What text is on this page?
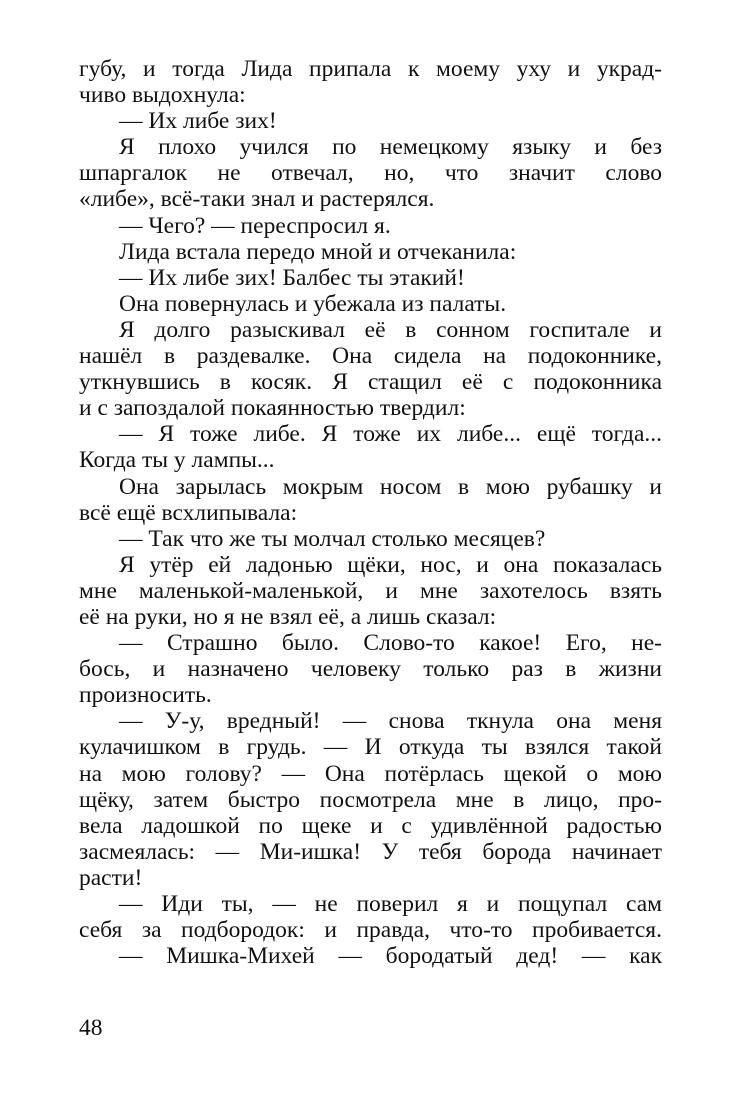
губу, и тогда Лида припала к моему уху и украд-
чиво выдохнула:
— Их либе зих!
Я плохо учился по немецкому языку и без
шпаргалок не отвечал, но, что значит слово
«либе», всё-таки знал и растерялся.
— Чего? — переспросил я.
Лида встала передо мной и отчеканила:
— Их либе зих! Балбес ты этакий!
Она повернулась и убежала из палаты.
Я долго разыскивал её в сонном госпитале и
нашёл в раздевалке. Она сидела на подоконнике,
уткнувшись в косяк. Я стащил её с подоконника
и с запоздалой покаянностью твердил:
— Я тоже либе. Я тоже их либе... ещё тогда...
Когда ты у лампы...
Она зарылась мокрым носом в мою рубашку и
всё ещё всхлипывала:
— Так что же ты молчал столько месяцев?
Я утёр ей ладонью щёки, нос, и она показалась
мне маленькой-маленькой, и мне захотелось взять
её на руки, но я не взял её, а лишь сказал:
— Страшно было. Слово-то какое! Его, не-
бось, и назначено человеку только раз в жизни
произносить.
— У-у, вредный! — снова ткнула она меня
кулачишком в грудь. — И откуда ты взялся такой
на мою голову? — Она потёрлась щекой о мою
щёку, затем быстро посмотрела мне в лицо, про-
вела ладошкой по щеке и с удивлённой радостью
засмеялась: — Ми-ишка! У тебя борода начинает
расти!
— Иди ты, — не поверил я и пощупал сам
себя за подбородок: и правда, что-то пробивается.
— Мишка-Михей — бородатый дед! — как
48
